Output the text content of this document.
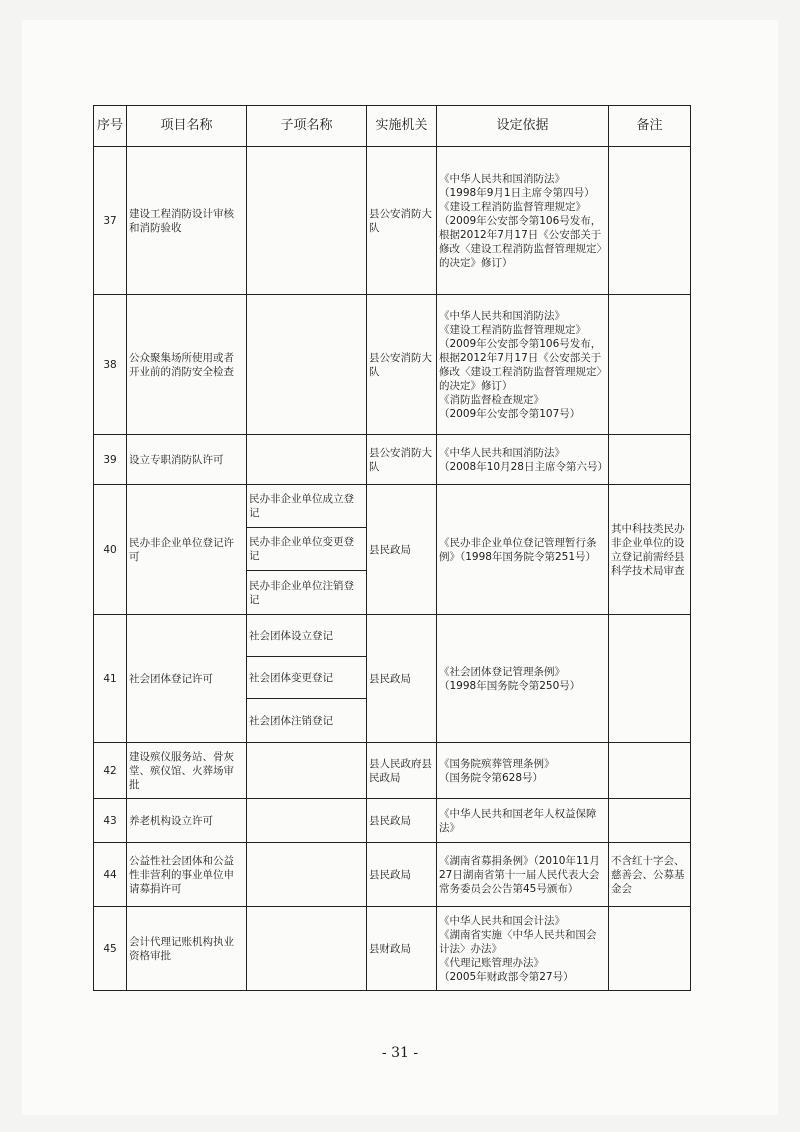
序号	项目名称	子项名称	实施机关	设定依据	备注
37	建设工程消防设计审核和消防验收		县公安消防大队	《中华人民共和国消防法》
（1998年9月1日主席令第四号）
《建设工程消防监督管理规定》（2009年公安部令第106号发布，根据2012年7月17日《公安部关于修改〈建设工程消防监督管理规定〉的决定》修订）	

38	公众聚集场所使用或者开业前的消防安全检查		县公安消防大队	《中华人民共和国消防法》
《建设工程消防监督管理规定》（2009年公安部令第106号发布，根据2012年7月17日《公安部关于修改〈建设工程消防监督管理规定〉的决定》修订）
《消防监督检查规定》
（2009年公安部令第107号）	

39	设立专职消防队许可		县公安消防大队	《中华人民共和国消防法》
（2008年10月28日主席令第六号）	

40	民办非企业单位登记许可	民办非企业单位成立登记	县民政局	《民办非企业单位登记管理暂行条例》（1998年国务院令第251号）	其中科技类民办非企业单位的设立登记前需经县科学技术局审查
		民办非企业单位变更登记			
		民办非企业单位注销登记			
41	社会团体登记许可	社会团体设立登记	县民政局	《社会团体登记管理条例》
（1998年国务院令第250号）	

		社会团体变更登记			
		社会团体注销登记			
42	建设殡仪服务站、骨灰堂、殡仪馆、火葬场审批		县人民政府县民政局	《国务院殡葬管理条例》
（国务院令第628号）	

43	养老机构设立许可		县民政局	《中华人民共和国老年人权益保障法》	

44	公益性社会团体和公益性非营利的事业单位申请募捐许可		县民政局	《湖南省募捐条例》（2010年11月27日湖南省第十一届人民代表大会常务委员会公告第45号颁布）	不含红十字会、慈善会、公募基金会
45	会计代理记账机构执业资格审批		县财政局	《中华人民共和国会计法》
《湖南省实施〈中华人民共和国会计法〉办法》
《代理记账管理办法》
（2005年财政部令第27号）	

- 31 -
